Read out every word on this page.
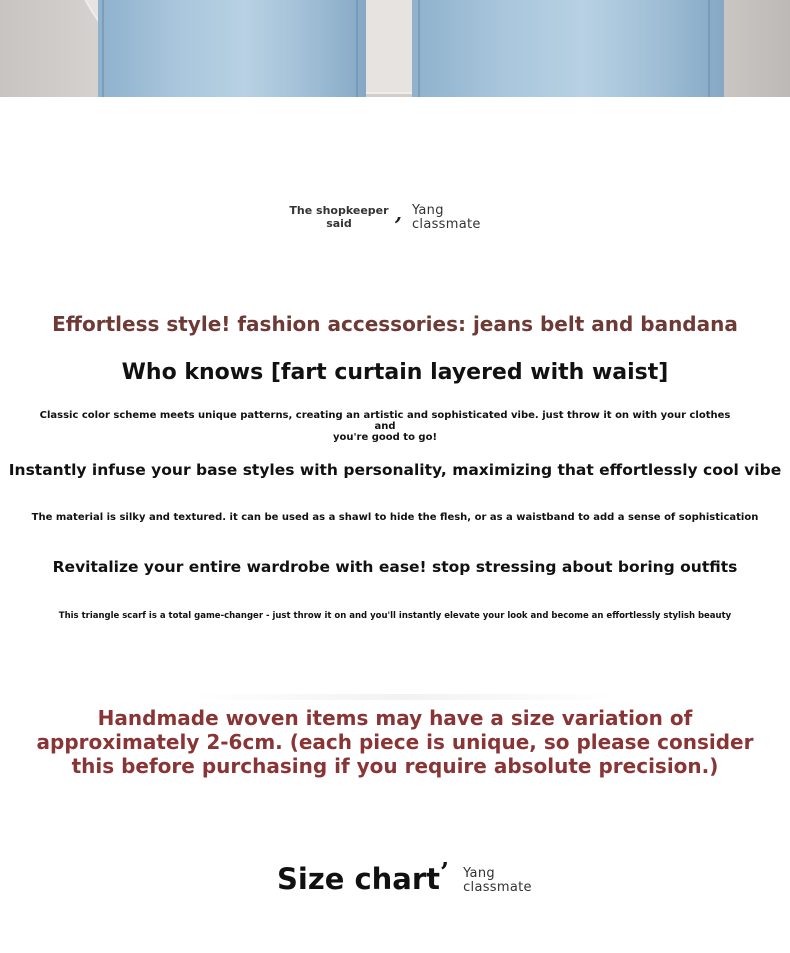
The shopkeeper
said	, Yang
classmate
Effortless style! fashion accessories: jeans belt and bandana
Who knows [fart curtain layered with waist]
Classic color scheme meets unique patterns, creating an artistic and sophisticated vibe. just throw it on with your clothes and
you're good to go!
Instantly infuse your base styles with personality, maximizing that effortlessly cool vibe
The material is silky and textured. it can be used as a shawl to hide the flesh, or as a waistband to add a sense of sophistication
Revitalize your entire wardrobe with ease! stop stressing about boring outfits
This triangle scarf is a total game-changer - just throw it on and you'll instantly elevate your look and become an effortlessly stylish beauty
Handmade woven items may have a size variation of
approximately 2-6cm. (each piece is unique, so please consider
this before purchasing if you require absolute precision.)
Size chart ’ Yang
classmate
